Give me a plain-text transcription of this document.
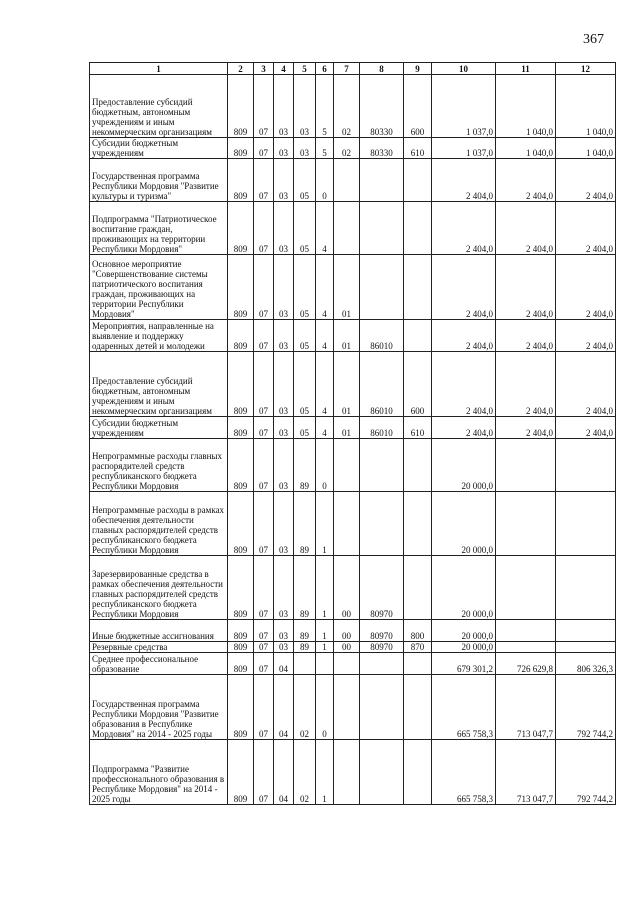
367
1	2	3	4	5	6	7	8	9	10	11	12
Предоставление субсидий бюджетным, автономным учреждениям и иным некоммерческим организациям	809	07	03	03	5	02	80330	600	1 037,0	1 040,0	1 040,0
Субсидии бюджетным учреждениям	809	07	03	03	5	02	80330	610	1 037,0	1 040,0	1 040,0
Государственная программа Республики Мордовия "Развитие культуры и туризма"	809	07	03	05	0				2 404,0	2 404,0	2 404,0
Подпрограмма "Патриотическое воспитание граждан, проживающих на территории Республики Мордовия"	809	07	03	05	4				2 404,0	2 404,0	2 404,0
Основное мероприятие "Совершенствование системы патриотического воспитания граждан, проживающих на территории Республики Мордовия"	809	07	03	05	4	01			2 404,0	2 404,0	2 404,0
Мероприятия, направленные на выявление и поддержку одаренных детей и молодежи	809	07	03	05	4	01	86010		2 404,0	2 404,0	2 404,0
Предоставление субсидий бюджетным, автономным учреждениям и иным некоммерческим организациям	809	07	03	05	4	01	86010	600	2 404,0	2 404,0	2 404,0
Субсидии бюджетным учреждениям	809	07	03	05	4	01	86010	610	2 404,0	2 404,0	2 404,0
Непрограммные расходы главных распорядителей средств республиканского бюджета Республики Мордовия	809	07	03	89	0				20 000,0		
Непрограммные расходы в рамках обеспечения деятельности главных распорядителей средств республиканского бюджета Республики Мордовия	809	07	03	89	1				20 000,0		
Зарезервированные средства в рамках обеспечения деятельности главных распорядителей средств республиканского бюджета Республики Мордовия	809	07	03	89	1	00	80970		20 000,0		
Иные бюджетные ассигнования	809	07	03	89	1	00	80970	800	20 000,0		
Резервные средства	809	07	03	89	1	00	80970	870	20 000,0		
Среднее профессиональное образование	809	07	04						679 301,2	726 629,8	806 326,3
Государственная программа Республики Мордовия "Развитие образования в Республике Мордовия" на 2014 - 2025 годы	809	07	04	02	0				665 758,3	713 047,7	792 744,2
Подпрограмма "Развитие профессионального образования в Республике Мордовия" на 2014 - 2025 годы	809	07	04	02	1				665 758,3	713 047,7	792 744,2
